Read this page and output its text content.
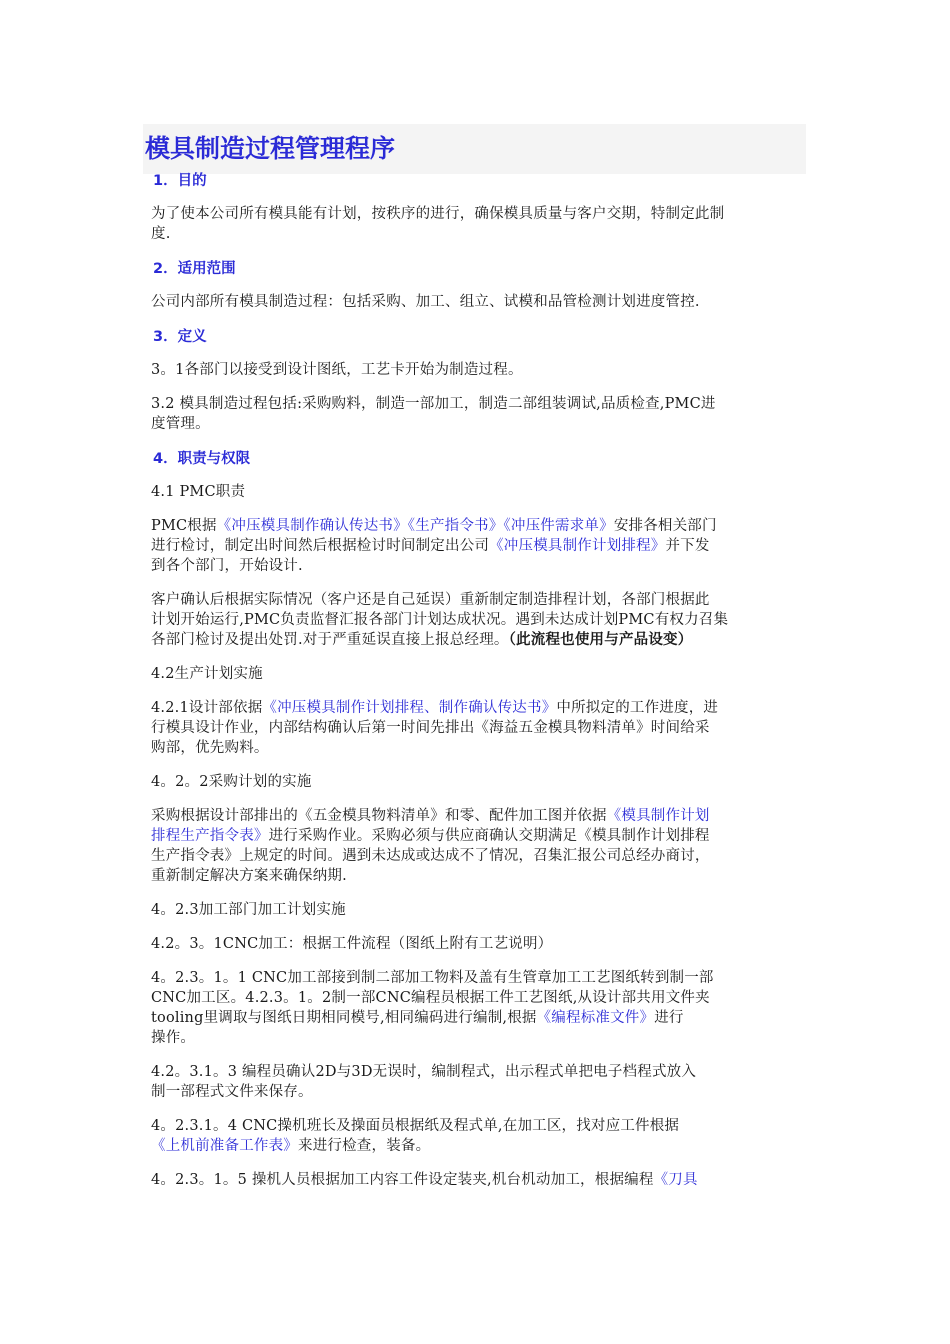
模具制造过程管理程序
1．目的

为了使本公司所有模具能有计划，按秩序的进行，确保模具质量与客户交期，特制定此制
度.

2．适用范围

公司内部所有模具制造过程：包括采购、加工、组立、试模和品管检测计划进度管控.

3．定义

3。1各部门以接受到设计图纸，工艺卡开始为制造过程。

3.2 模具制造过程包括:采购购料，制造一部加工，制造二部组装调试,品质检查,PMC进
度管理。

4．职责与权限

4.1 PMC职责

PMC根据《冲压模具制作确认传达书》《生产指令书》《冲压件需求单》安排各相关部门
进行检讨，制定出时间然后根据检讨时间制定出公司《冲压模具制作计划排程》并下发
到各个部门，开始设计.

客户确认后根据实际情况（客户还是自己延误）重新制定制造排程计划，各部门根据此
计划开始运行,PMC负责监督汇报各部门计划达成状况。遇到未达成计划PMC有权力召集
各部门检讨及提出处罚.对于严重延误直接上报总经理。（此流程也使用与产品设变）

4.2生产计划实施

4.2.1设计部依据《冲压模具制作计划排程、制作确认传达书》中所拟定的工作进度，进
行模具设计作业，内部结构确认后第一时间先排出《海益五金模具物料清单》时间给采
购部，优先购料。

4。2。2采购计划的实施

采购根据设计部排出的《五金模具物料清单》和零、配件加工图并依据《模具制作计划
排程生产指令表》进行采购作业。采购必须与供应商确认交期满足《模具制作计划排程
生产指令表》上规定的时间。遇到未达成或达成不了情况，召集汇报公司总经办商讨，
重新制定解决方案来确保纳期.

4。2.3加工部门加工计划实施

4.2。3。1CNC加工：根据工件流程（图纸上附有工艺说明）

4。2.3。1。1 CNC加工部接到制二部加工物料及盖有生管章加工工艺图纸转到制一部
CNC加工区。4.2.3。1。2制一部CNC编程员根据工件工艺图纸,从设计部共用文件夹
tooling里调取与图纸日期相同模号,相同编码进行编制,根据《编程标准文件》进行
操作。

4.2。3.1。3 编程员确认2D与3D无误时，编制程式，出示程式单把电子档程式放入
制一部程式文件来保存。

4。2.3.1。4 CNC操机班长及操面员根据纸及程式单,在加工区，找对应工件根据
《上机前准备工作表》来进行检查，装备。

4。2.3。1。5 操机人员根据加工内容工件设定装夹,机台机动加工，根据编程《刀具
